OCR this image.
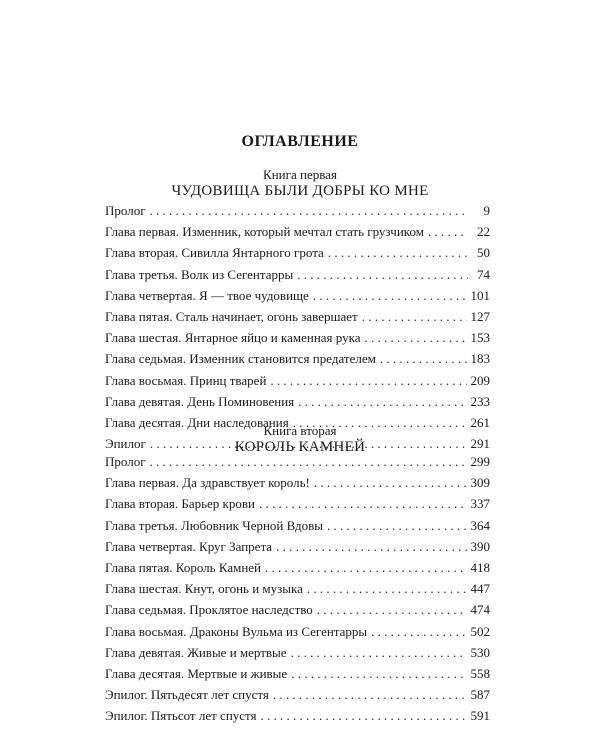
ОГЛАВЛЕНИЕ
Книга первая
ЧУДОВИЩА БЫЛИ ДОБРЫ КО МНЕ
Пролог . . .	9
Глава первая. Изменник, который мечтал стать грузчиком . . .	22
Глава вторая. Сивилла Янтарного грота . . .	50
Глава третья. Волк из Сегентарры . . .	74
Глава четвертая. Я — твое чудовище . . .	101
Глава пятая. Сталь начинает, огонь завершает . . .	127
Глава шестая. Янтарное яйцо и каменная рука . . .	153
Глава седьмая. Изменник становится предателем . . .	183
Глава восьмая. Принц тварей . . .	209
Глава девятая. День Поминовения . . .	233
Глава десятая. Дни наследования . . .	261
Эпилог . . .	291
Книга вторая
КОРОЛЬ КАМНЕЙ
Пролог . . .	299
Глава первая. Да здравствует король! . . .	309
Глава вторая. Барьер крови . . .	337
Глава третья. Любовник Черной Вдовы . . .	364
Глава четвертая. Круг Запрета . . .	390
Глава пятая. Король Камней . . .	418
Глава шестая. Кнут, огонь и музыка . . .	447
Глава седьмая. Проклятое наследство . . .	474
Глава восьмая. Драконы Вульма из Сегентарры . . .	502
Глава девятая. Живые и мертвые . . .	530
Глава десятая. Мертвые и живые . . .	558
Эпилог. Пятьдесят лет спустя . . .	587
Эпилог. Пятьсот лет спустя . . .	591
